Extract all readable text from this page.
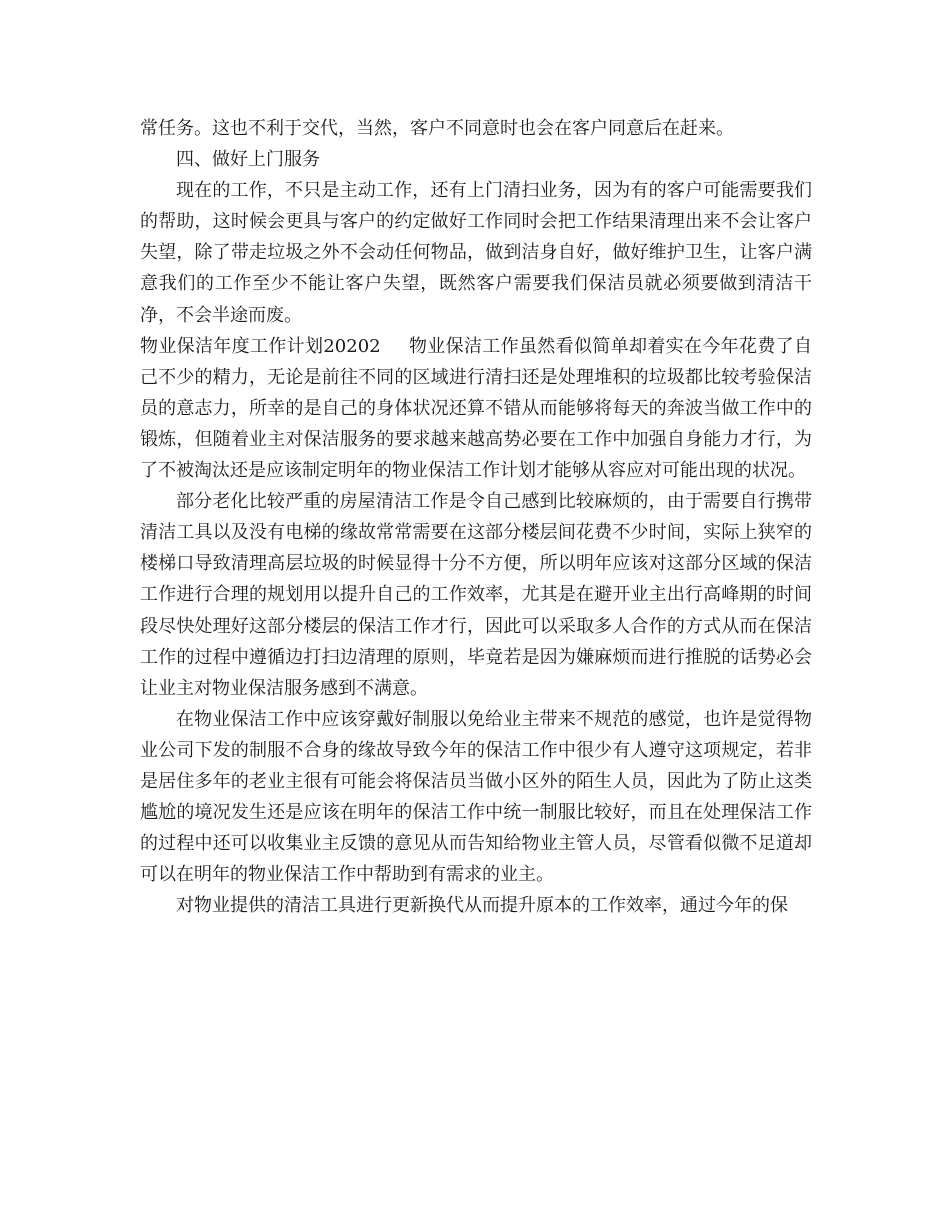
常任务。这也不利于交代，当然，客户不同意时也会在客户同意后在赶来。

四、做好上门服务

现在的工作，不只是主动工作，还有上门清扫业务，因为有的客户可能需要我们的帮助，这时候会更具与客户的约定做好工作同时会把工作结果清理出来不会让客户失望，除了带走垃圾之外不会动任何物品，做到洁身自好，做好维护卫生，让客户满意我们的工作至少不能让客户失望，既然客户需要我们保洁员就必须要做到清洁干净，不会半途而废。

物业保洁年度工作计划20202 物业保洁工作虽然看似简单却着实在今年花费了自己不少的精力，无论是前往不同的区域进行清扫还是处理堆积的垃圾都比较考验保洁员的意志力，所幸的是自己的身体状况还算不错从而能够将每天的奔波当做工作中的锻炼，但随着业主对保洁服务的要求越来越高势必要在工作中加强自身能力才行，为了不被淘汰还是应该制定明年的物业保洁工作计划才能够从容应对可能出现的状况。

部分老化比较严重的房屋清洁工作是令自己感到比较麻烦的，由于需要自行携带清洁工具以及没有电梯的缘故常常需要在这部分楼层间花费不少时间，实际上狭窄的楼梯口导致清理高层垃圾的时候显得十分不方便，所以明年应该对这部分区域的保洁工作进行合理的规划用以提升自己的工作效率，尤其是在避开业主出行高峰期的时间段尽快处理好这部分楼层的保洁工作才行，因此可以采取多人合作的方式从而在保洁工作的过程中遵循边打扫边清理的原则，毕竟若是因为嫌麻烦而进行推脱的话势必会让业主对物业保洁服务感到不满意。

在物业保洁工作中应该穿戴好制服以免给业主带来不规范的感觉，也许是觉得物业公司下发的制服不合身的缘故导致今年的保洁工作中很少有人遵守这项规定，若非是居住多年的老业主很有可能会将保洁员当做小区外的陌生人员，因此为了防止这类尴尬的境况发生还是应该在明年的保洁工作中统一制服比较好，而且在处理保洁工作的过程中还可以收集业主反馈的意见从而告知给物业主管人员，尽管看似微不足道却可以在明年的物业保洁工作中帮助到有需求的业主。

对物业提供的清洁工具进行更新换代从而提升原本的工作效率，通过今年的保
